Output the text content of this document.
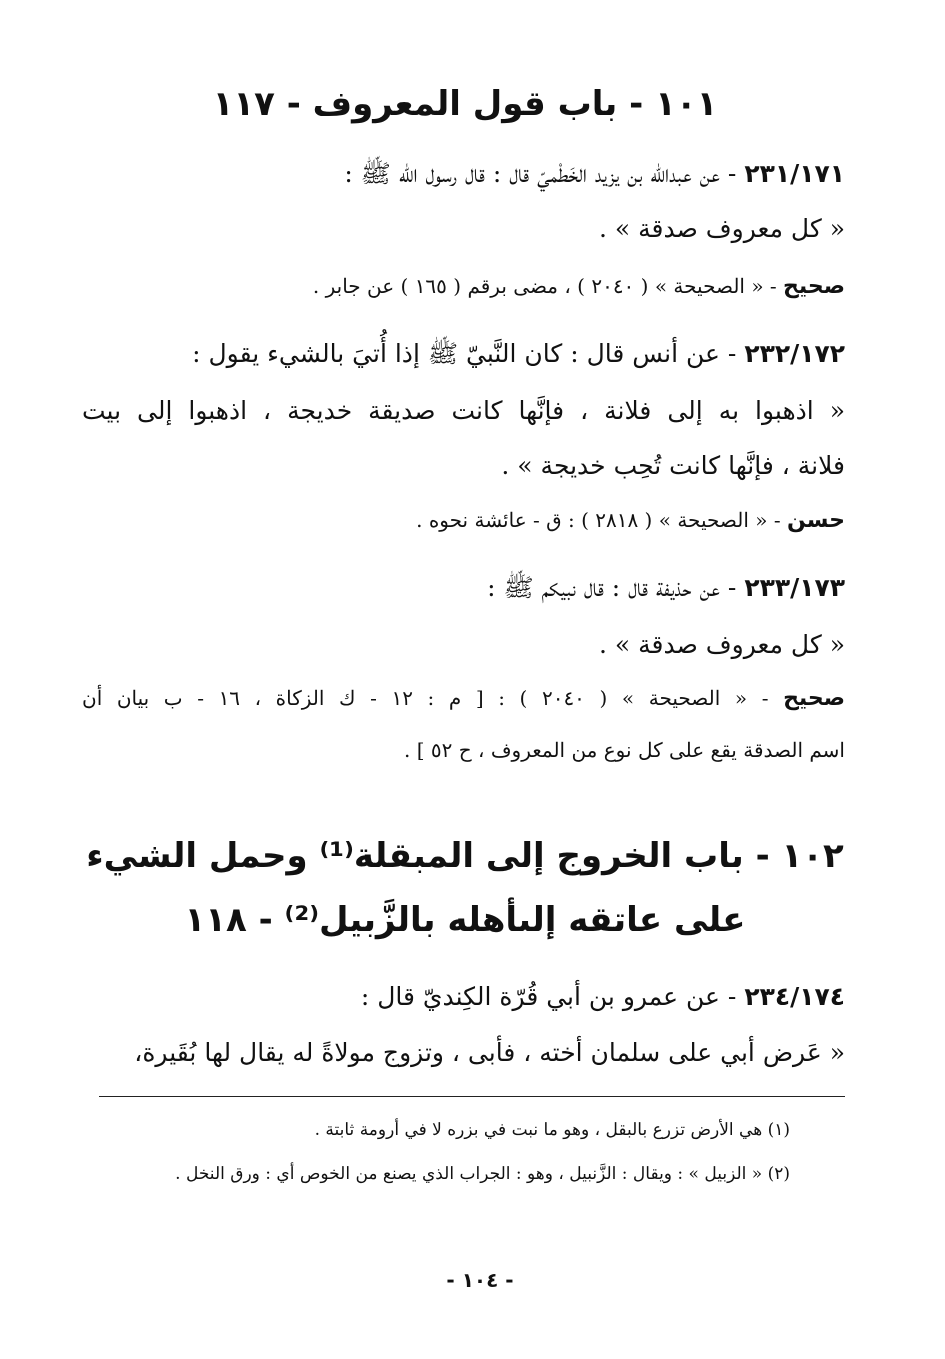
١٠١ - باب قول المعروف - ١١٧
٢٣١/١٧١ - عن عبدالله بن يزيد الخَطْميّ قال : قال رسول الله ﷺ :
« كل معروف صدقة » .
صحيح - « الصحيحة » ( ٢٠٤٠ ) ، مضى برقم ( ١٦٥ ) عن جابر .
٢٣٢/١٧٢ - عن أنس قال : كان النَّبيّ ﷺ إذا أُتيَ بالشيء يقول :
« اذهبوا به إلى فلانة ، فإنَّها كانت صديقة خديجة ، اذهبوا إلى بيت
فلانة ، فإنَّها كانت تُحِب خديجة » .
حسن - « الصحيحة » ( ٢٨١٨ ) : ق - عائشة نحوه .
٢٣٣/١٧٣ - عن حذيفة قال : قال نبيكم ﷺ :
« كل معروف صدقة » .
صحيح - « الصحيحة » ( ٢٠٤٠ ) : [ م : ١٢ - ك الزكاة ، ١٦ - ب بيان أن
اسم الصدقة يقع على كل نوع من المعروف ، ح ٥٢ ] .
١٠٢ - باب الخروج إلى المبقلة⁽¹⁾ وحمل الشيء
على عاتقه إلىأهله بالزَّبيل⁽²⁾ - ١١٨
٢٣٤/١٧٤ - عن عمرو بن أبي قُرّة الكِنديّ قال :
« عَرض أبي على سلمان أخته ، فأبى ، وتزوج مولاةً له يقال لها بُقَيرة،
(١) هي الأرض تزرع بالبقل ، وهو ما نبت في بزره لا في أرومة ثابتة .
(٢) « الزبيل » : ويقال : الزَّنبيل ، وهو : الجراب الذي يصنع من الخوص أي : ورق النخل .
- ١٠٤ -
